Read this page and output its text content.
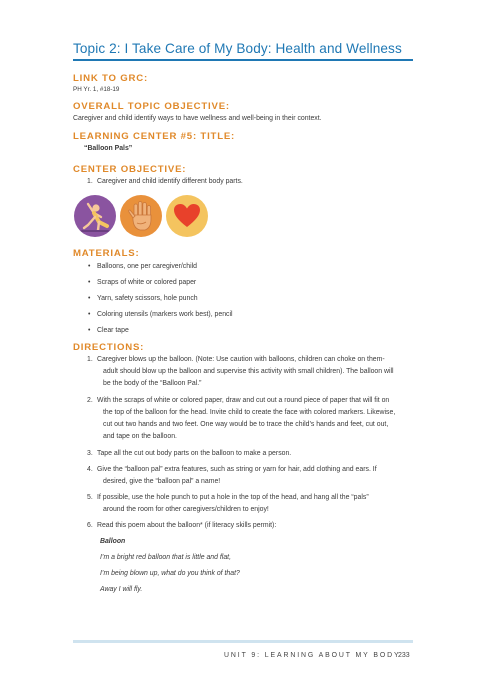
Topic 2: I Take Care of My Body: Health and Wellness
LINK TO GRC:
PH Yr. 1, #18-19
OVERALL TOPIC OBJECTIVE:
Caregiver and child identify ways to have wellness and well-being in their context.
LEARNING CENTER #5: TITLE:
“Balloon Pals”
CENTER OBJECTIVE:
1. Caregiver and child identify different body parts.
MATERIALS:
• Balloons, one per caregiver/child
• Scraps of white or colored paper
• Yarn, safety scissors, hole punch
• Coloring utensils (markers work best), pencil
• Clear tape
DIRECTIONS:
1. Caregiver blows up the balloon. (Note: Use caution with balloons, children can choke on them-
adult should blow up the balloon and supervise this activity with small children). The balloon will
be the body of the “Balloon Pal.”
2. With the scraps of white or colored paper, draw and cut out a round piece of paper that will fit on
the top of the balloon for the head. Invite child to create the face with colored markers. Likewise,
cut out two hands and two feet. One way would be to trace the child’s hands and feet, cut out,
and tape on the balloon.
3. Tape all the cut out body parts on the balloon to make a person.
4. Give the “balloon pal” extra features, such as string or yarn for hair, add clothing and ears. If
desired, give the “balloon pal” a name!
5. If possible, use the hole punch to put a hole in the top of the head, and hang all the “pals”
around the room for other caregivers/children to enjoy!
6. Read this poem about the balloon* (if literacy skills permit):
Balloon
I’m a bright red balloon that is little and flat,
I’m being blown up, what do you think of that?
Away I will fly.
UNIT 9: LEARNING ABOUT MY BODY
233
